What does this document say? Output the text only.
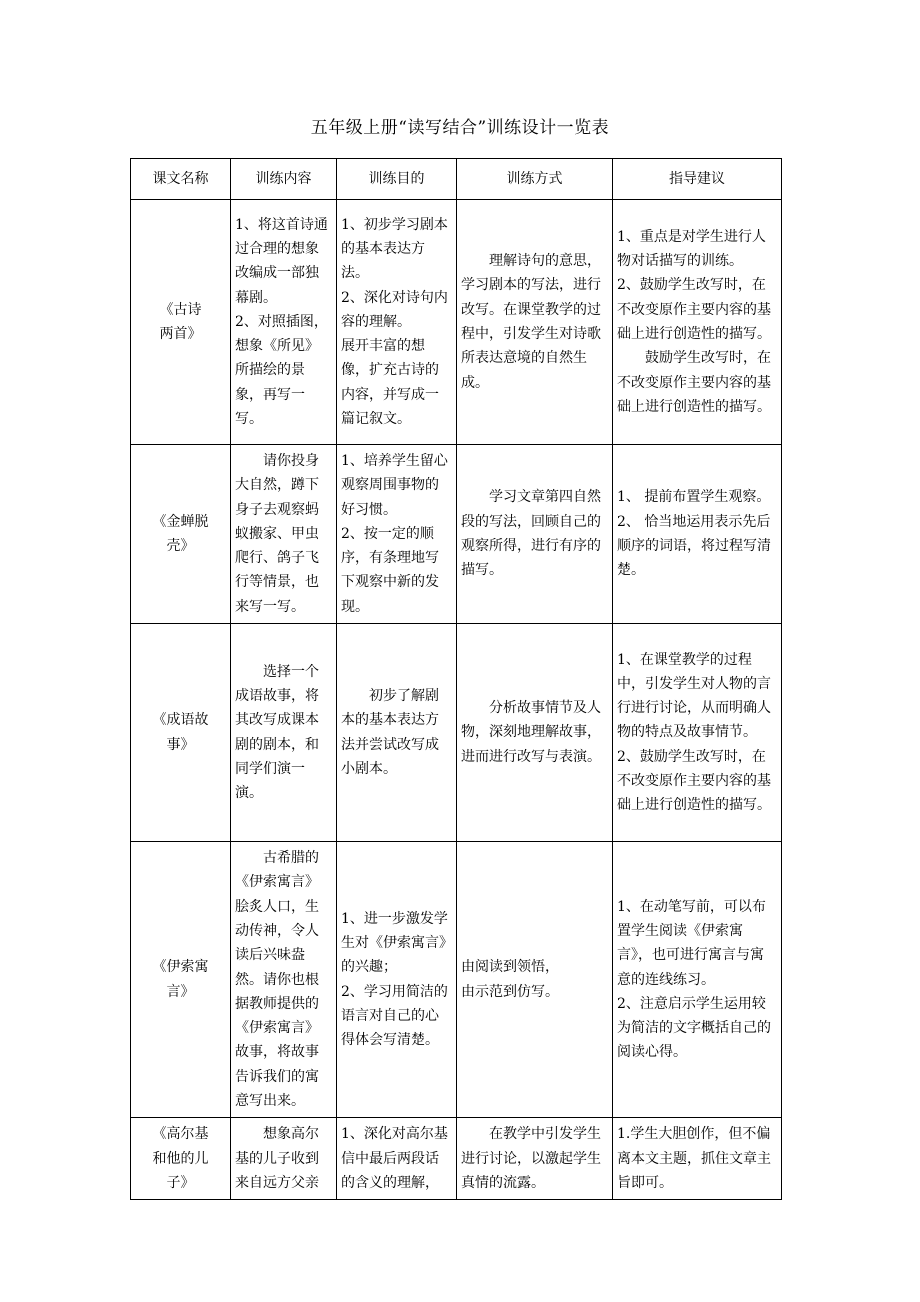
五年级上册“读写结合”训练设计一览表
课文名称	训练内容	训练目的	训练方式	指导建议
《古诗
两首》	1、将这首诗通过合理的想象改编成一部独幕剧。
2、对照插图，想象《所见》所描绘的景象，再写一写。	1、初步学习剧本的基本表达方法。
2、深化对诗句内容的理解。
展开丰富的想像，扩充古诗的内容，并写成一篇记叙文。	　　理解诗句的意思，学习剧本的写法，进行改写。在课堂教学的过程中，引发学生对诗歌所表达意境的自然生成。	1、重点是对学生进行人物对话描写的训练。
2、鼓励学生改写时，在不改变原作主要内容的基础上进行创造性的描写。
　　鼓励学生改写时，在不改变原作主要内容的基础上进行创造性的描写。
《金蝉脱
壳》	　　请你投身大自然，蹲下身子去观察蚂蚁搬家、甲虫爬行、鸽子飞行等情景，也来写一写。	1、培养学生留心观察周围事物的好习惯。
2、按一定的顺序，有条理地写下观察中新的发现。	　　学习文章第四自然段的写法，回顾自己的观察所得，进行有序的描写。	1、 提前布置学生观察。
2、 恰当地运用表示先后顺序的词语，将过程写清楚。
《成语故
事》	　　选择一个成语故事，将其改写成课本剧的剧本，和同学们演一演。	　　初步了解剧本的基本表达方法并尝试改写成小剧本。	　　分析故事情节及人物，深刻地理解故事，进而进行改写与表演。	1、在课堂教学的过程中，引发学生对人物的言行进行讨论，从而明确人物的特点及故事情节。
2、鼓励学生改写时，在不改变原作主要内容的基础上进行创造性的描写。
《伊索寓
言》	　　古希腊的《伊索寓言》脍炙人口，生动传神，令人读后兴味盎然。请你也根据教师提供的《伊索寓言》故事，将故事告诉我们的寓意写出来。	1、进一步激发学生对《伊索寓言》的兴趣；
2、学习用简洁的语言对自己的心得体会写清楚。	由阅读到领悟，
由示范到仿写。	1、在动笔写前，可以布置学生阅读《伊索寓言》，也可进行寓言与寓意的连线练习。
2、注意启示学生运用较为简洁的文字概括自己的阅读心得。
《高尔基
和他的儿
子》	　　想象高尔基的儿子收到来自远方父亲	1、深化对高尔基信中最后两段话的含义的理解，	　　在教学中引发学生进行讨论，以激起学生真情的流露。	1.学生大胆创作，但不偏离本文主题，抓住文章主旨即可。
